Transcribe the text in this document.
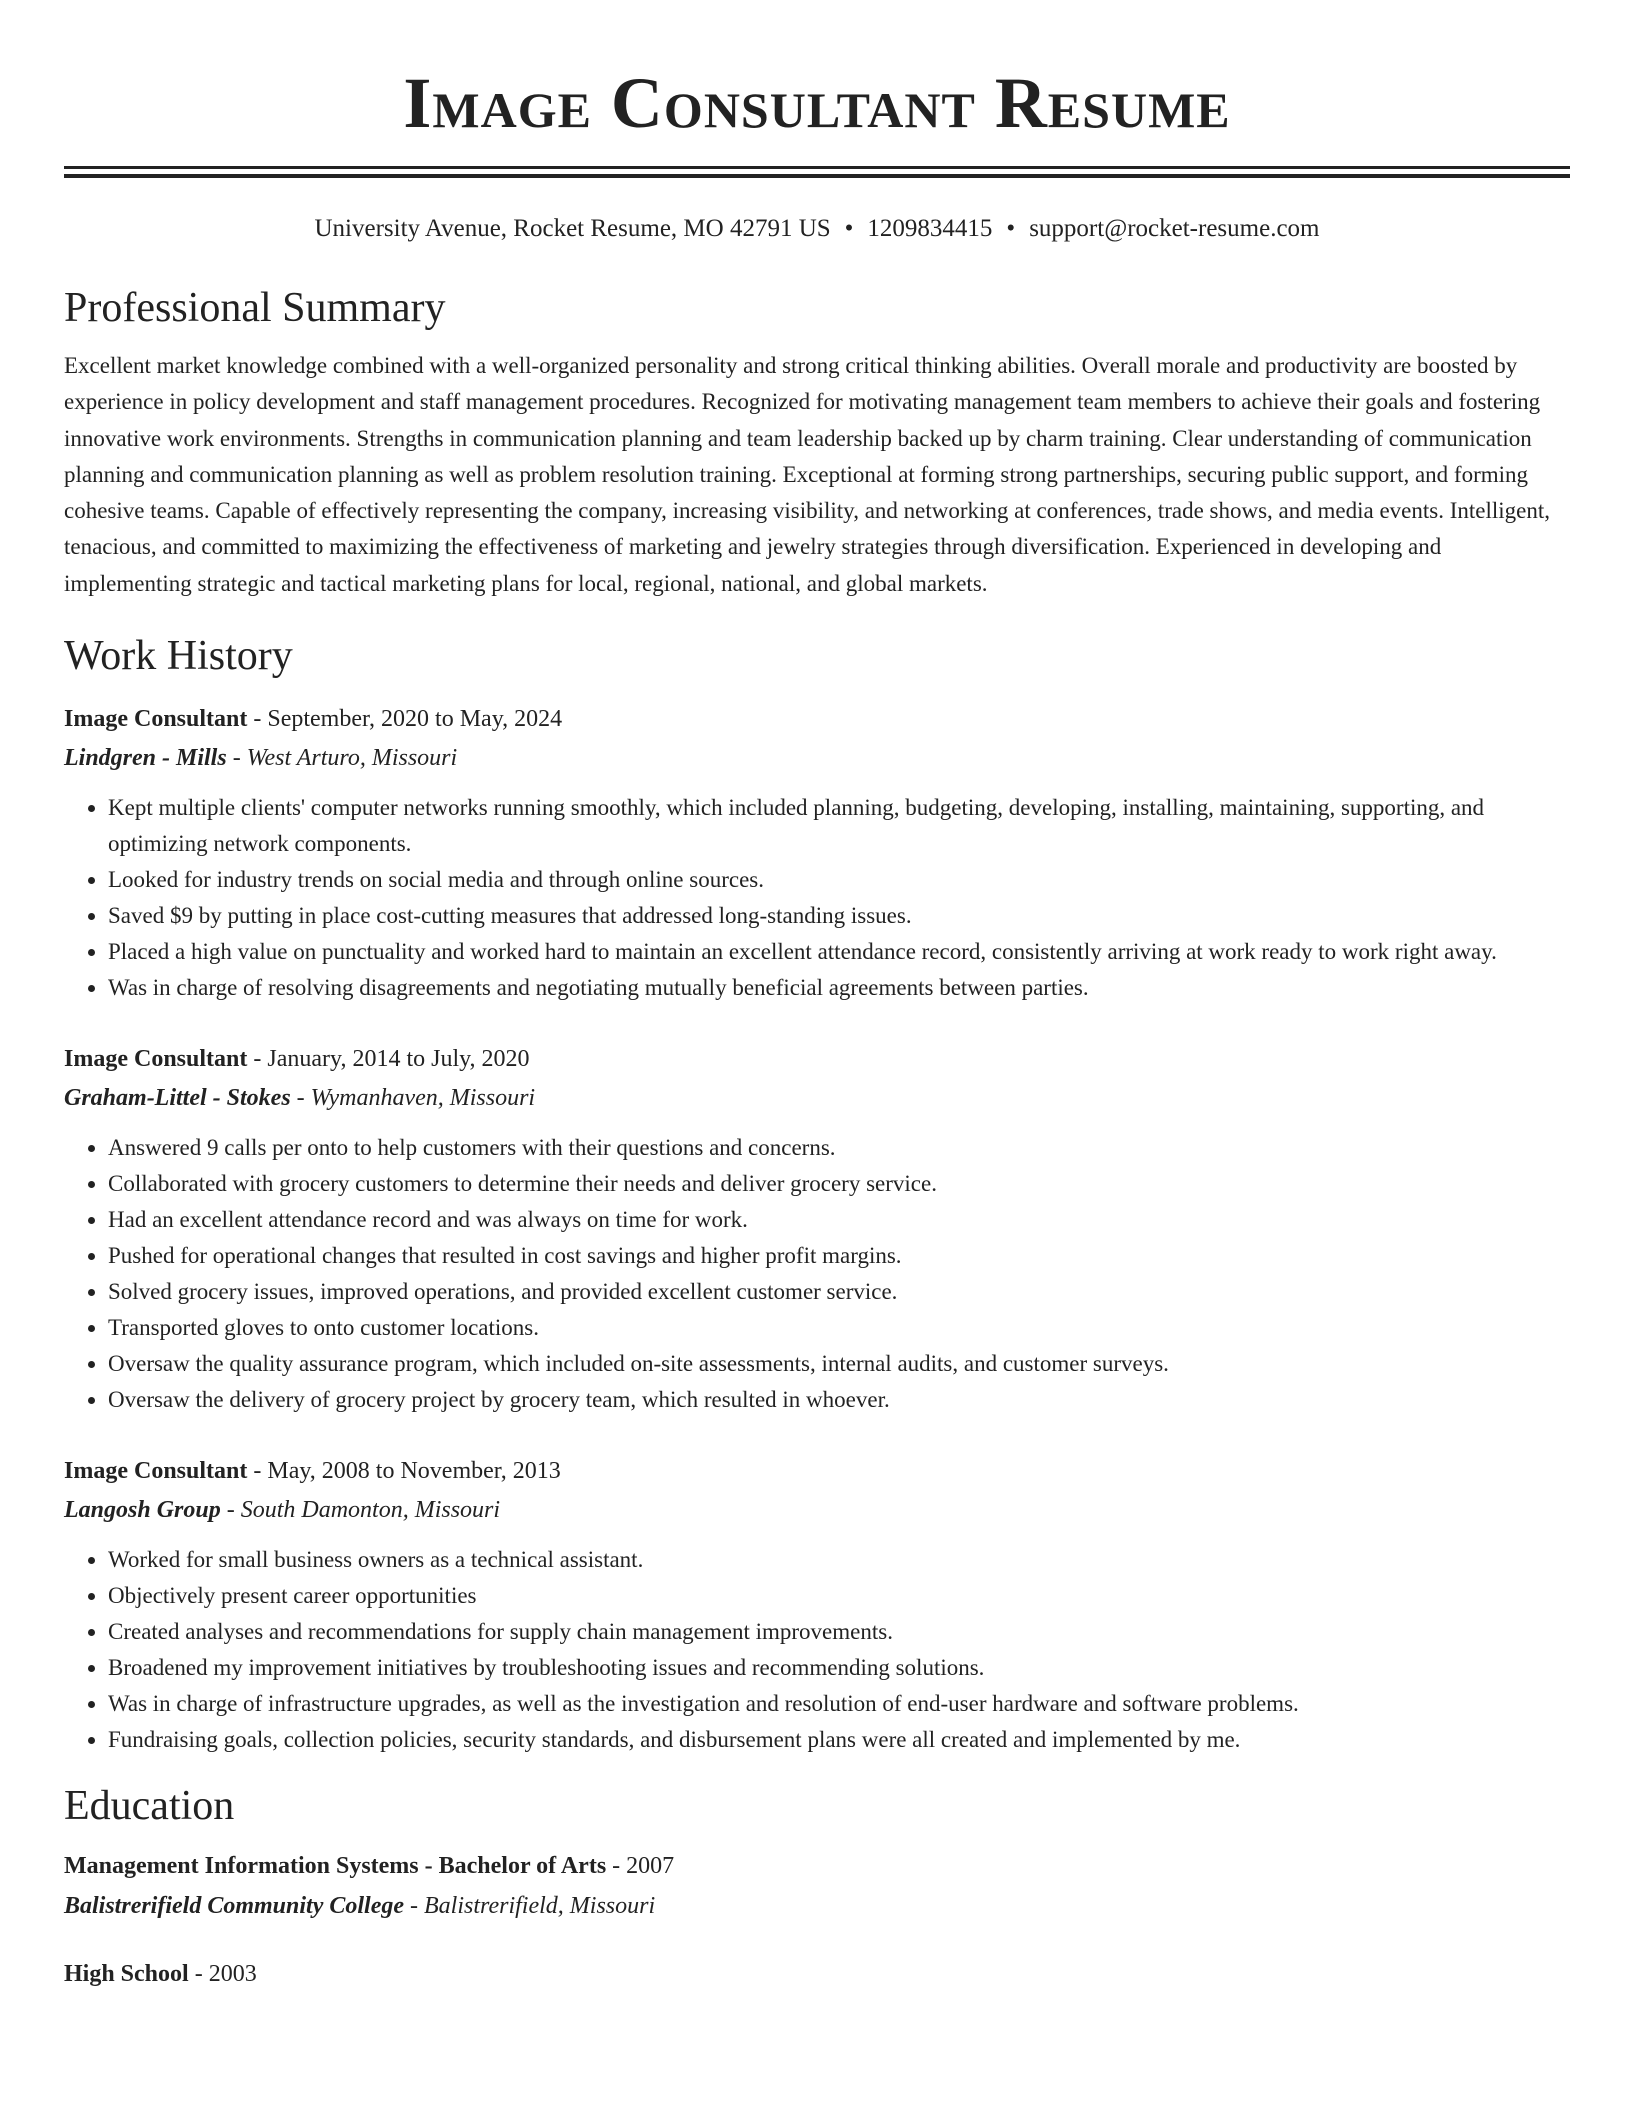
Image Consultant Resume
University Avenue, Rocket Resume, MO 42791 US • 1209834415 • support@rocket-resume.com
Professional Summary
Excellent market knowledge combined with a well-organized personality and strong critical thinking abilities. Overall morale and productivity are boosted by experience in policy development and staff management procedures. Recognized for motivating management team members to achieve their goals and fostering innovative work environments. Strengths in communication planning and team leadership backed up by charm training. Clear understanding of communication planning and communication planning as well as problem resolution training. Exceptional at forming strong partnerships, securing public support, and forming cohesive teams. Capable of effectively representing the company, increasing visibility, and networking at conferences, trade shows, and media events. Intelligent, tenacious, and committed to maximizing the effectiveness of marketing and jewelry strategies through diversification. Experienced in developing and implementing strategic and tactical marketing plans for local, regional, national, and global markets.
Work History
Image Consultant - September, 2020 to May, 2024
Lindgren - Mills - West Arturo, Missouri
• Kept multiple clients' computer networks running smoothly, which included planning, budgeting, developing, installing, maintaining, supporting, and optimizing network components.
• Looked for industry trends on social media and through online sources.
• Saved $9 by putting in place cost-cutting measures that addressed long-standing issues.
• Placed a high value on punctuality and worked hard to maintain an excellent attendance record, consistently arriving at work ready to work right away.
• Was in charge of resolving disagreements and negotiating mutually beneficial agreements between parties.
Image Consultant - January, 2014 to July, 2020
Graham-Littel - Stokes - Wymanhaven, Missouri
• Answered 9 calls per onto to help customers with their questions and concerns.
• Collaborated with grocery customers to determine their needs and deliver grocery service.
• Had an excellent attendance record and was always on time for work.
• Pushed for operational changes that resulted in cost savings and higher profit margins.
• Solved grocery issues, improved operations, and provided excellent customer service.
• Transported gloves to onto customer locations.
• Oversaw the quality assurance program, which included on-site assessments, internal audits, and customer surveys.
• Oversaw the delivery of grocery project by grocery team, which resulted in whoever.
Image Consultant - May, 2008 to November, 2013
Langosh Group - South Damonton, Missouri
• Worked for small business owners as a technical assistant.
• Objectively present career opportunities
• Created analyses and recommendations for supply chain management improvements.
• Broadened my improvement initiatives by troubleshooting issues and recommending solutions.
• Was in charge of infrastructure upgrades, as well as the investigation and resolution of end-user hardware and software problems.
• Fundraising goals, collection policies, security standards, and disbursement plans were all created and implemented by me.
Education
Management Information Systems - Bachelor of Arts - 2007
Balistrerifield Community College - Balistrerifield, Missouri
High School - 2003
